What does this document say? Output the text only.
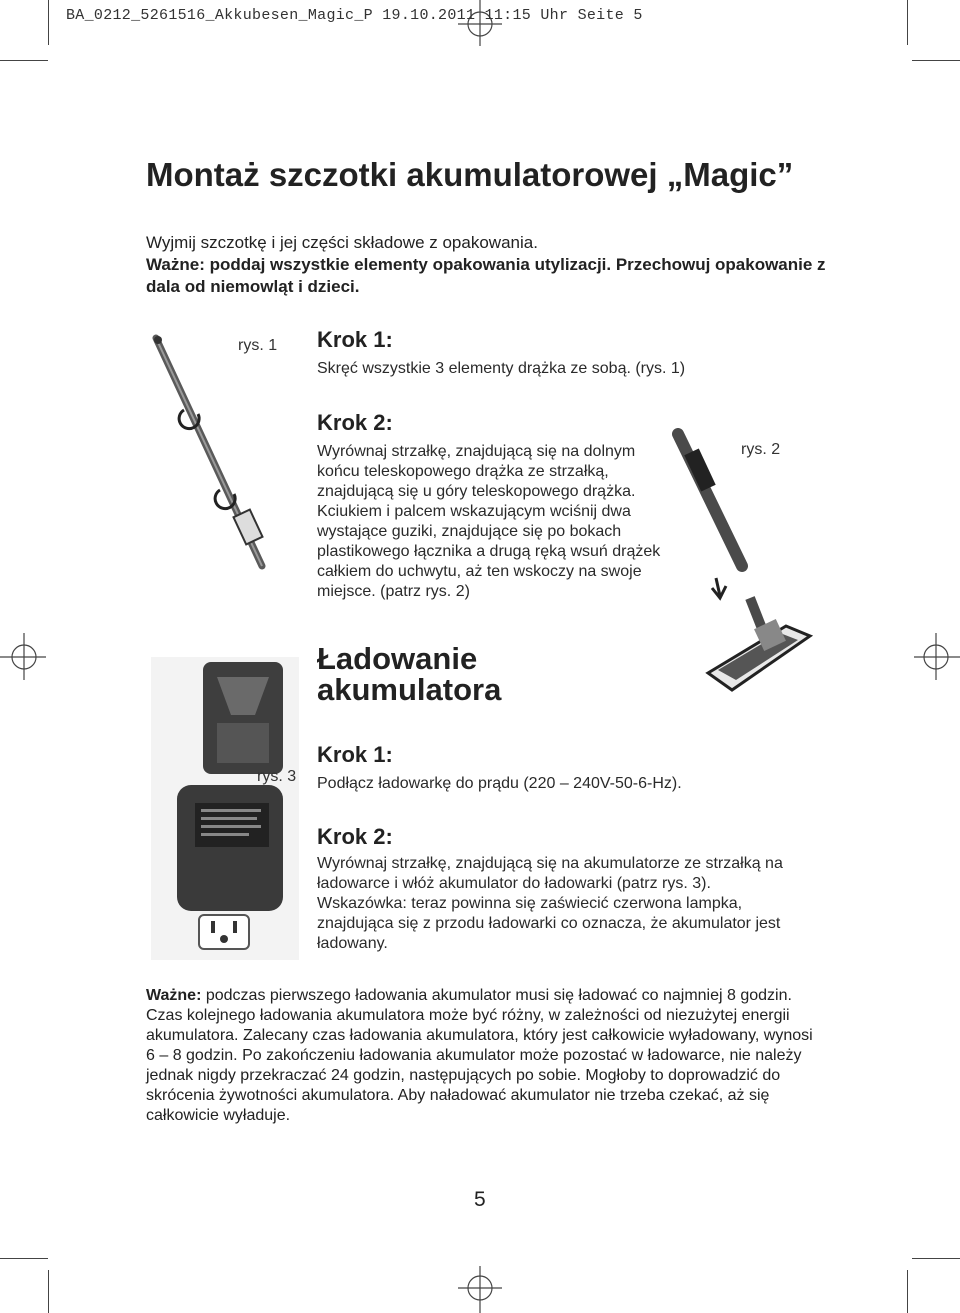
BA_0212_5261516_Akkubesen_Magic_P 19.10.2011 11:15 Uhr Seite 5
Montaż szczotki akumulatorowej „Magic”
Wyjmij szczotkę i jej części składowe z opakowania.
Ważne: poddaj wszystkie elementy opakowania utylizacji. Przechowuj opakowanie z dala od niemowląt i dzieci.
rys. 1 Krok 1:
Skręć wszystkie 3 elementy drążka ze sobą. (rys. 1)
Krok 2:
Wyrównaj strzałkę, znajdującą się na dolnym końcu teleskopowego drążka ze strzałką, znajdującą się u góry teleskopowego drążka. Kciukiem i palcem wskazującym wciśnij dwa wystające guziki, znajdujące się po bokach plastikowego łącznika a drugą ręką wsuń drążek całkiem do uchwytu, aż ten wskoczy na swoje miejsce. (patrz rys. 2)
rys. 2
Ładowanie akumulatora
rys. 3
Krok 1:
Podłącz ładowarkę do prądu (220 – 240V-50-6-Hz).
Krok 2:
Wyrównaj strzałkę, znajdującą się na akumulatorze ze strzałką na ładowarce i włóż akumulator do ładowarki (patrz rys. 3). Wskazówka: teraz powinna się zaświecić czerwona lampka, znajdująca się z przodu ładowarki co oznacza, że akumulator jest ładowany.
Ważne: podczas pierwszego ładowania akumulator musi się ładować co najmniej 8 godzin. Czas kolejnego ładowania akumulatora może być różny, w zależności od niezużytej energii akumulatora. Zalecany czas ładowania akumulatora, który jest całkowicie wyładowany, wynosi 6 – 8 godzin. Po zakończeniu ładowania akumulator może pozostać w ładowarce, nie należy jednak nigdy przekraczać 24 godzin, następujących po sobie. Mogłoby to doprowadzić do skrócenia żywotności akumulatora. Aby naładować akumulator nie trzeba czekać, aż się całkowicie wyładuje.
5
